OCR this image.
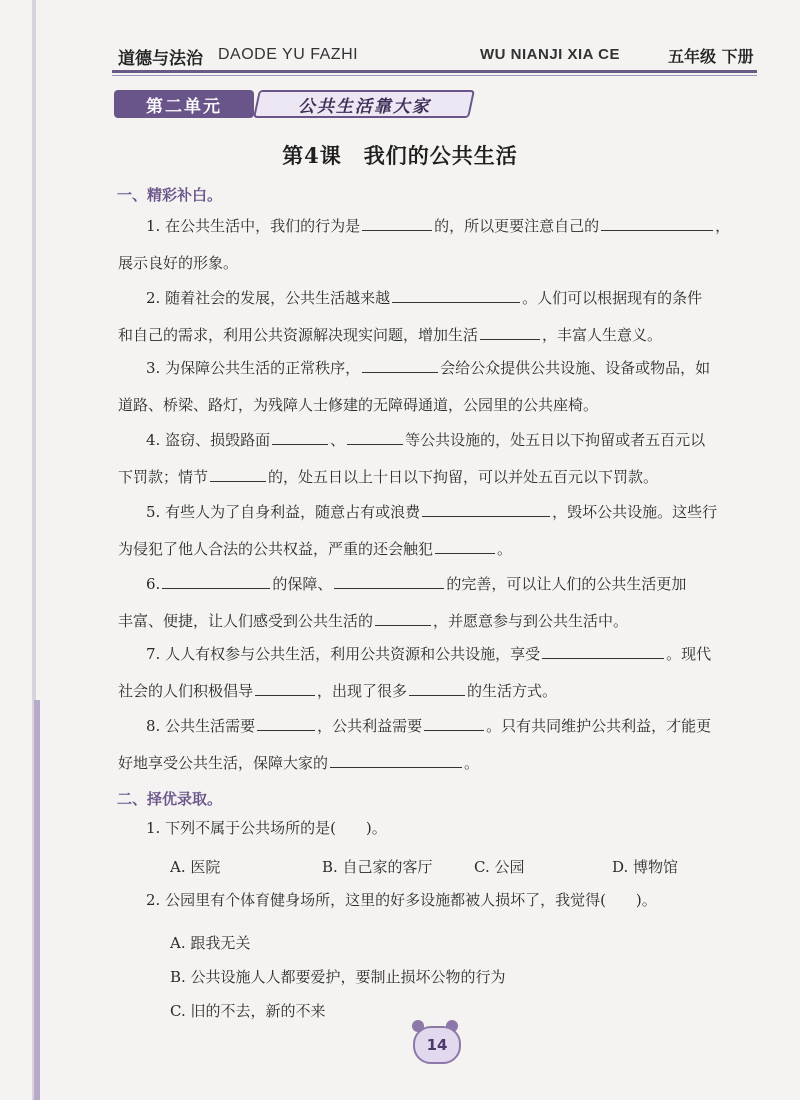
道德与法治 DAODE YU FAZHI	WU NIANJI XIA CE	五年级 下册
第二单元	公共生活靠大家
第4课　我们的公共生活
一、精彩补白。
1. 在公共生活中，我们的行为是	的，所以更要注意自己的	，
展示良好的形象。
2. 随着社会的发展，公共生活越来越	。人们可以根据现有的条件
和自己的需求，利用公共资源解决现实问题，增加生活	，丰富人生意义。
3. 为保障公共生活的正常秩序，	会给公众提供公共设施、设备或物品，如
道路、桥梁、路灯，为残障人士修建的无障碍通道，公园里的公共座椅。
4. 盗窃、损毁路面	、	等公共设施的，处五日以下拘留或者五百元以
下罚款；情节	的，处五日以上十日以下拘留，可以并处五百元以下罚款。
5. 有些人为了自身利益，随意占有或浪费	，毁坏公共设施。这些行
为侵犯了他人合法的公共权益，严重的还会触犯	。
6.	的保障、	的完善，可以让人们的公共生活更加
丰富、便捷，让人们感受到公共生活的	，并愿意参与到公共生活中。
7. 人人有权参与公共生活，利用公共资源和公共设施，享受	。现代
社会的人们积极倡导	，出现了很多	的生活方式。
8. 公共生活需要	，公共利益需要	。只有共同维护公共利益，才能更
好地享受公共生活，保障大家的	。
二、择优录取。
1. 下列不属于公共场所的是(　　)。
A. 医院	B. 自己家的客厅	C. 公园	D. 博物馆
2. 公园里有个体育健身场所，这里的好多设施都被人损坏了，我觉得(　　)。
A. 跟我无关
B. 公共设施人人都要爱护，要制止损坏公物的行为
C. 旧的不去，新的不来
14
